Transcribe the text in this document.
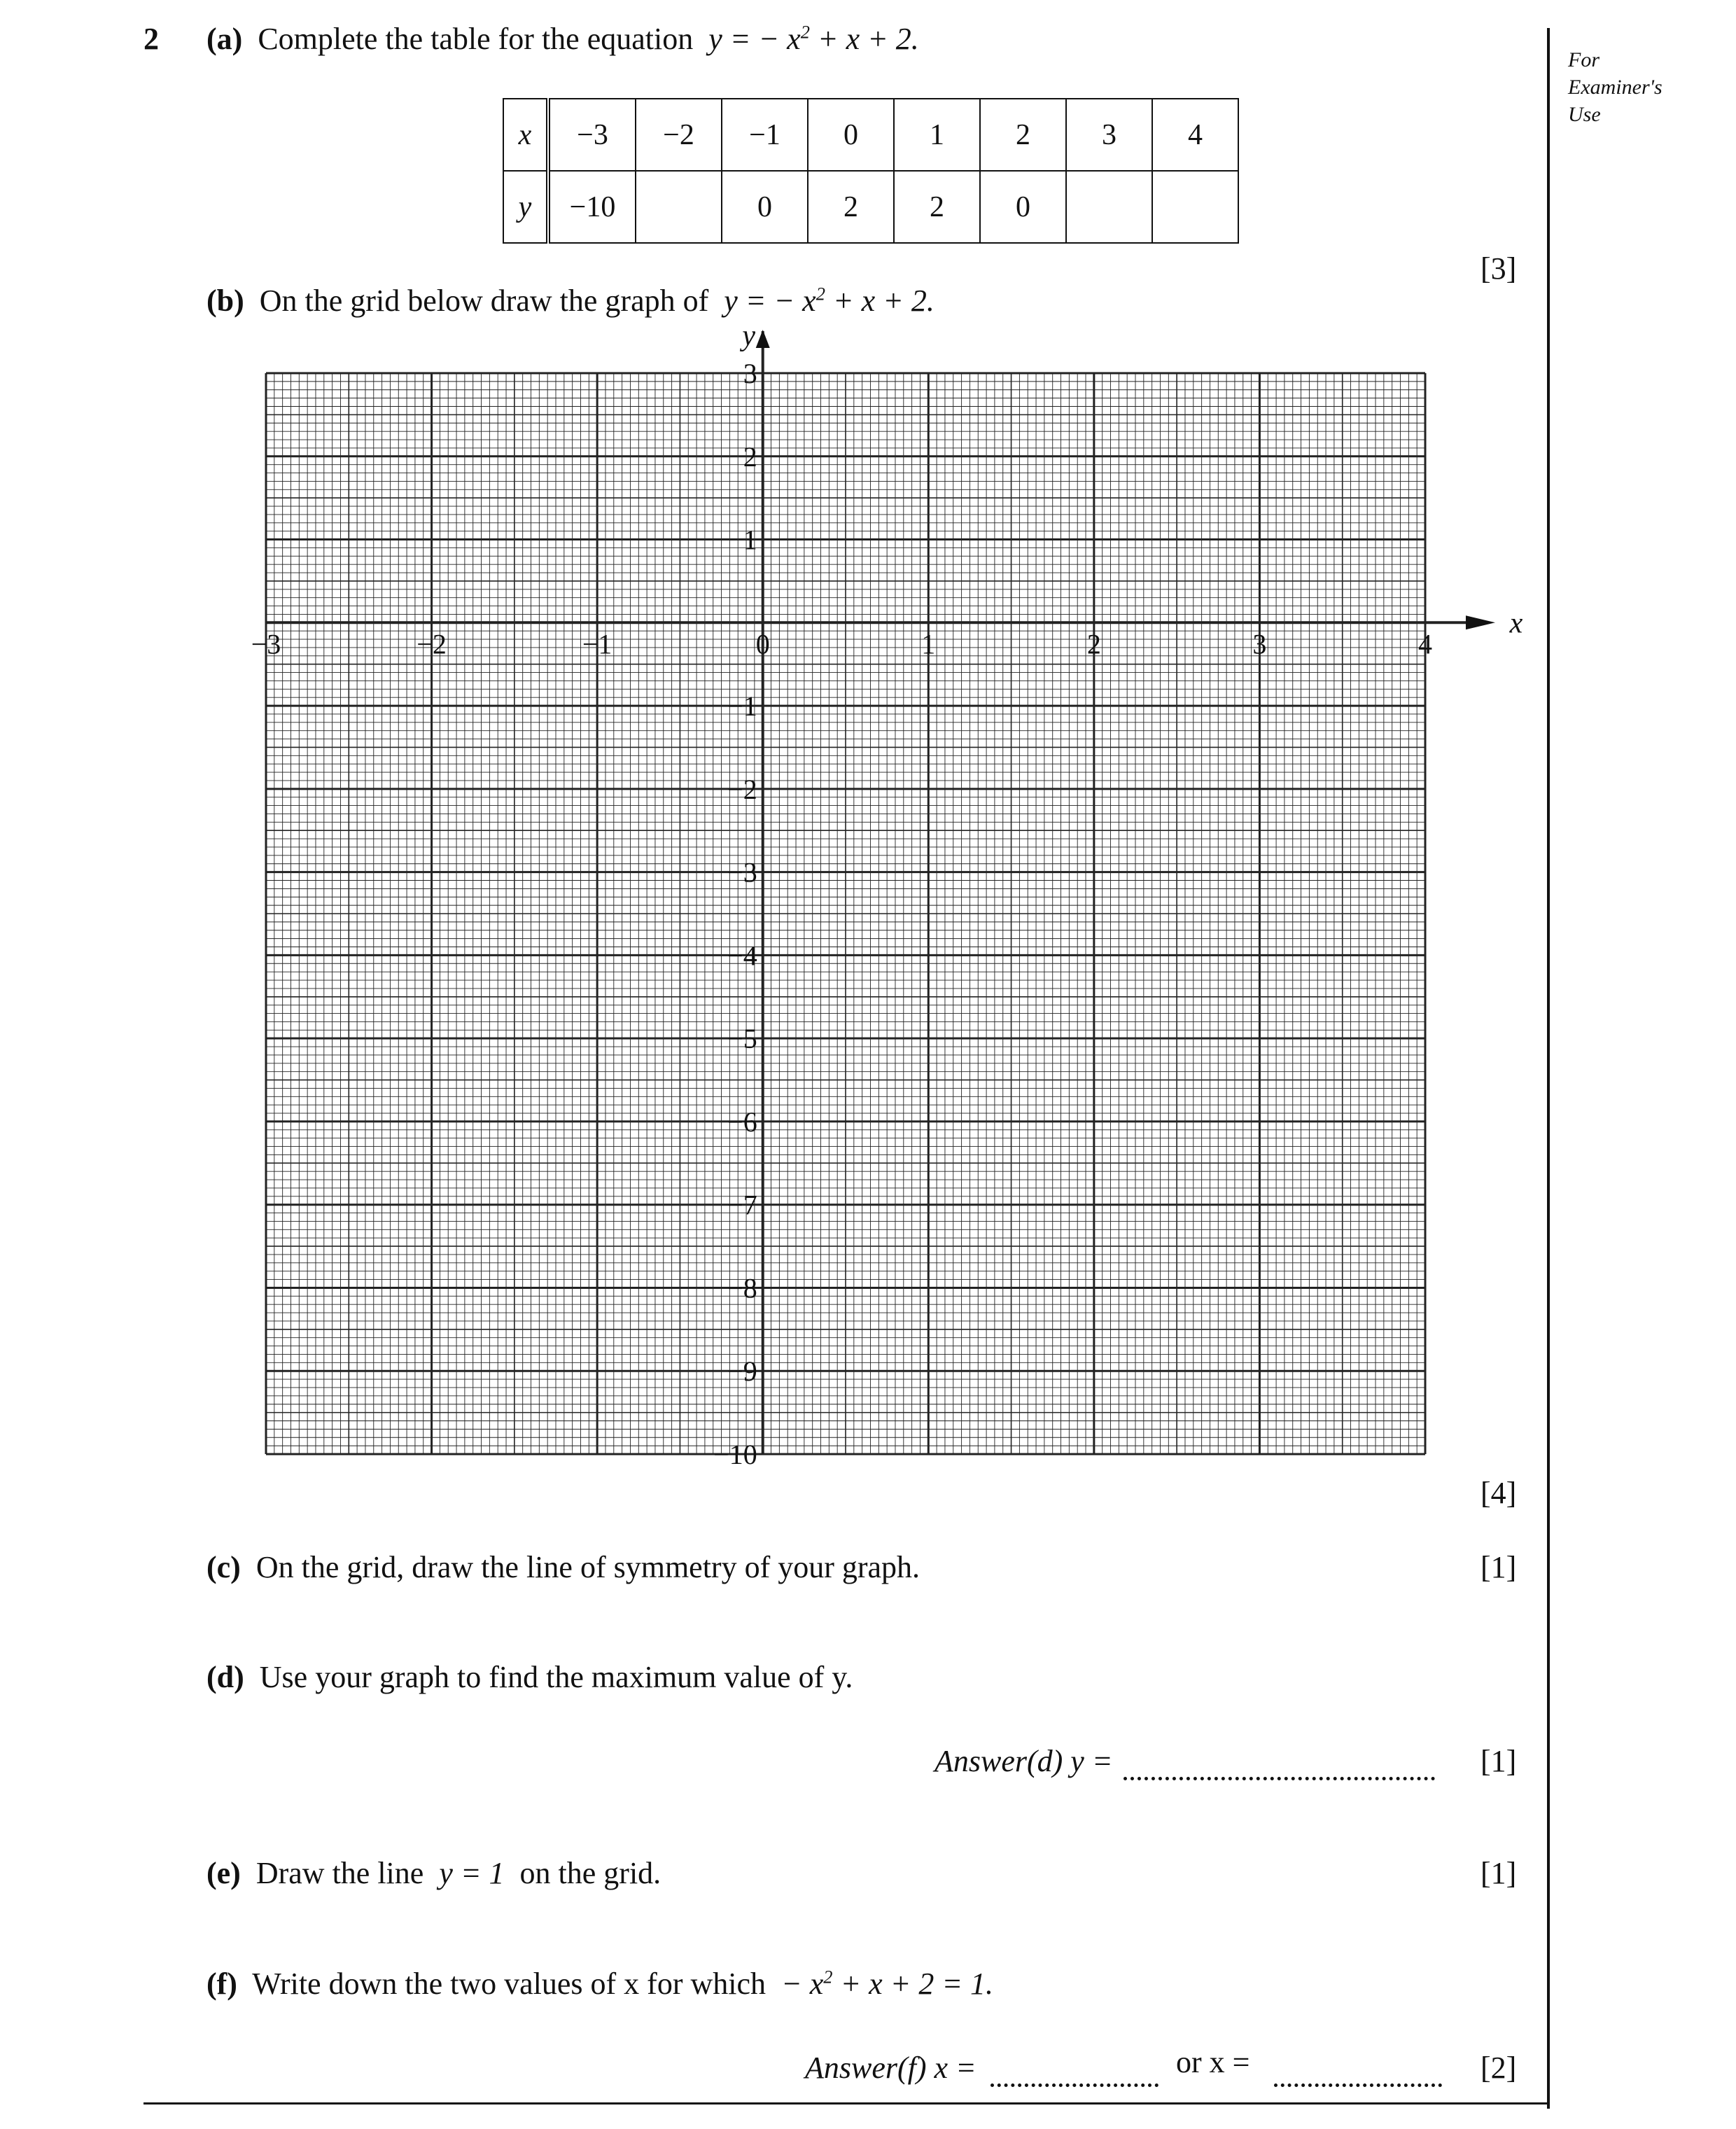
2
For
Examiner's
Use
(a) Complete the table for the equation y = − $x^2 + x + 2$.
x	−3	−2	−1	0	1	2	3	4
y	−10		0	2	2	0		
[3]
(b) On the grid below draw the graph of y = − $x^2 + x + 2$.
y
x
−3	−2	−1	0	1	2	3	4
3
2
1
−1
−2
−3
−4
−5
−6
−7
−8
−9
−10
[4]
(c) On the grid, draw the line of symmetry of your graph.	[1]
(d) Use your graph to find the maximum value of y.
Answer(d) y =	[1]
(e) Draw the line y = 1 on the grid.	[1]
(f) Write down the two values of x for which − $x^2 + x + 2 = 1$.
Answer(f) x =	or x =	[2]
